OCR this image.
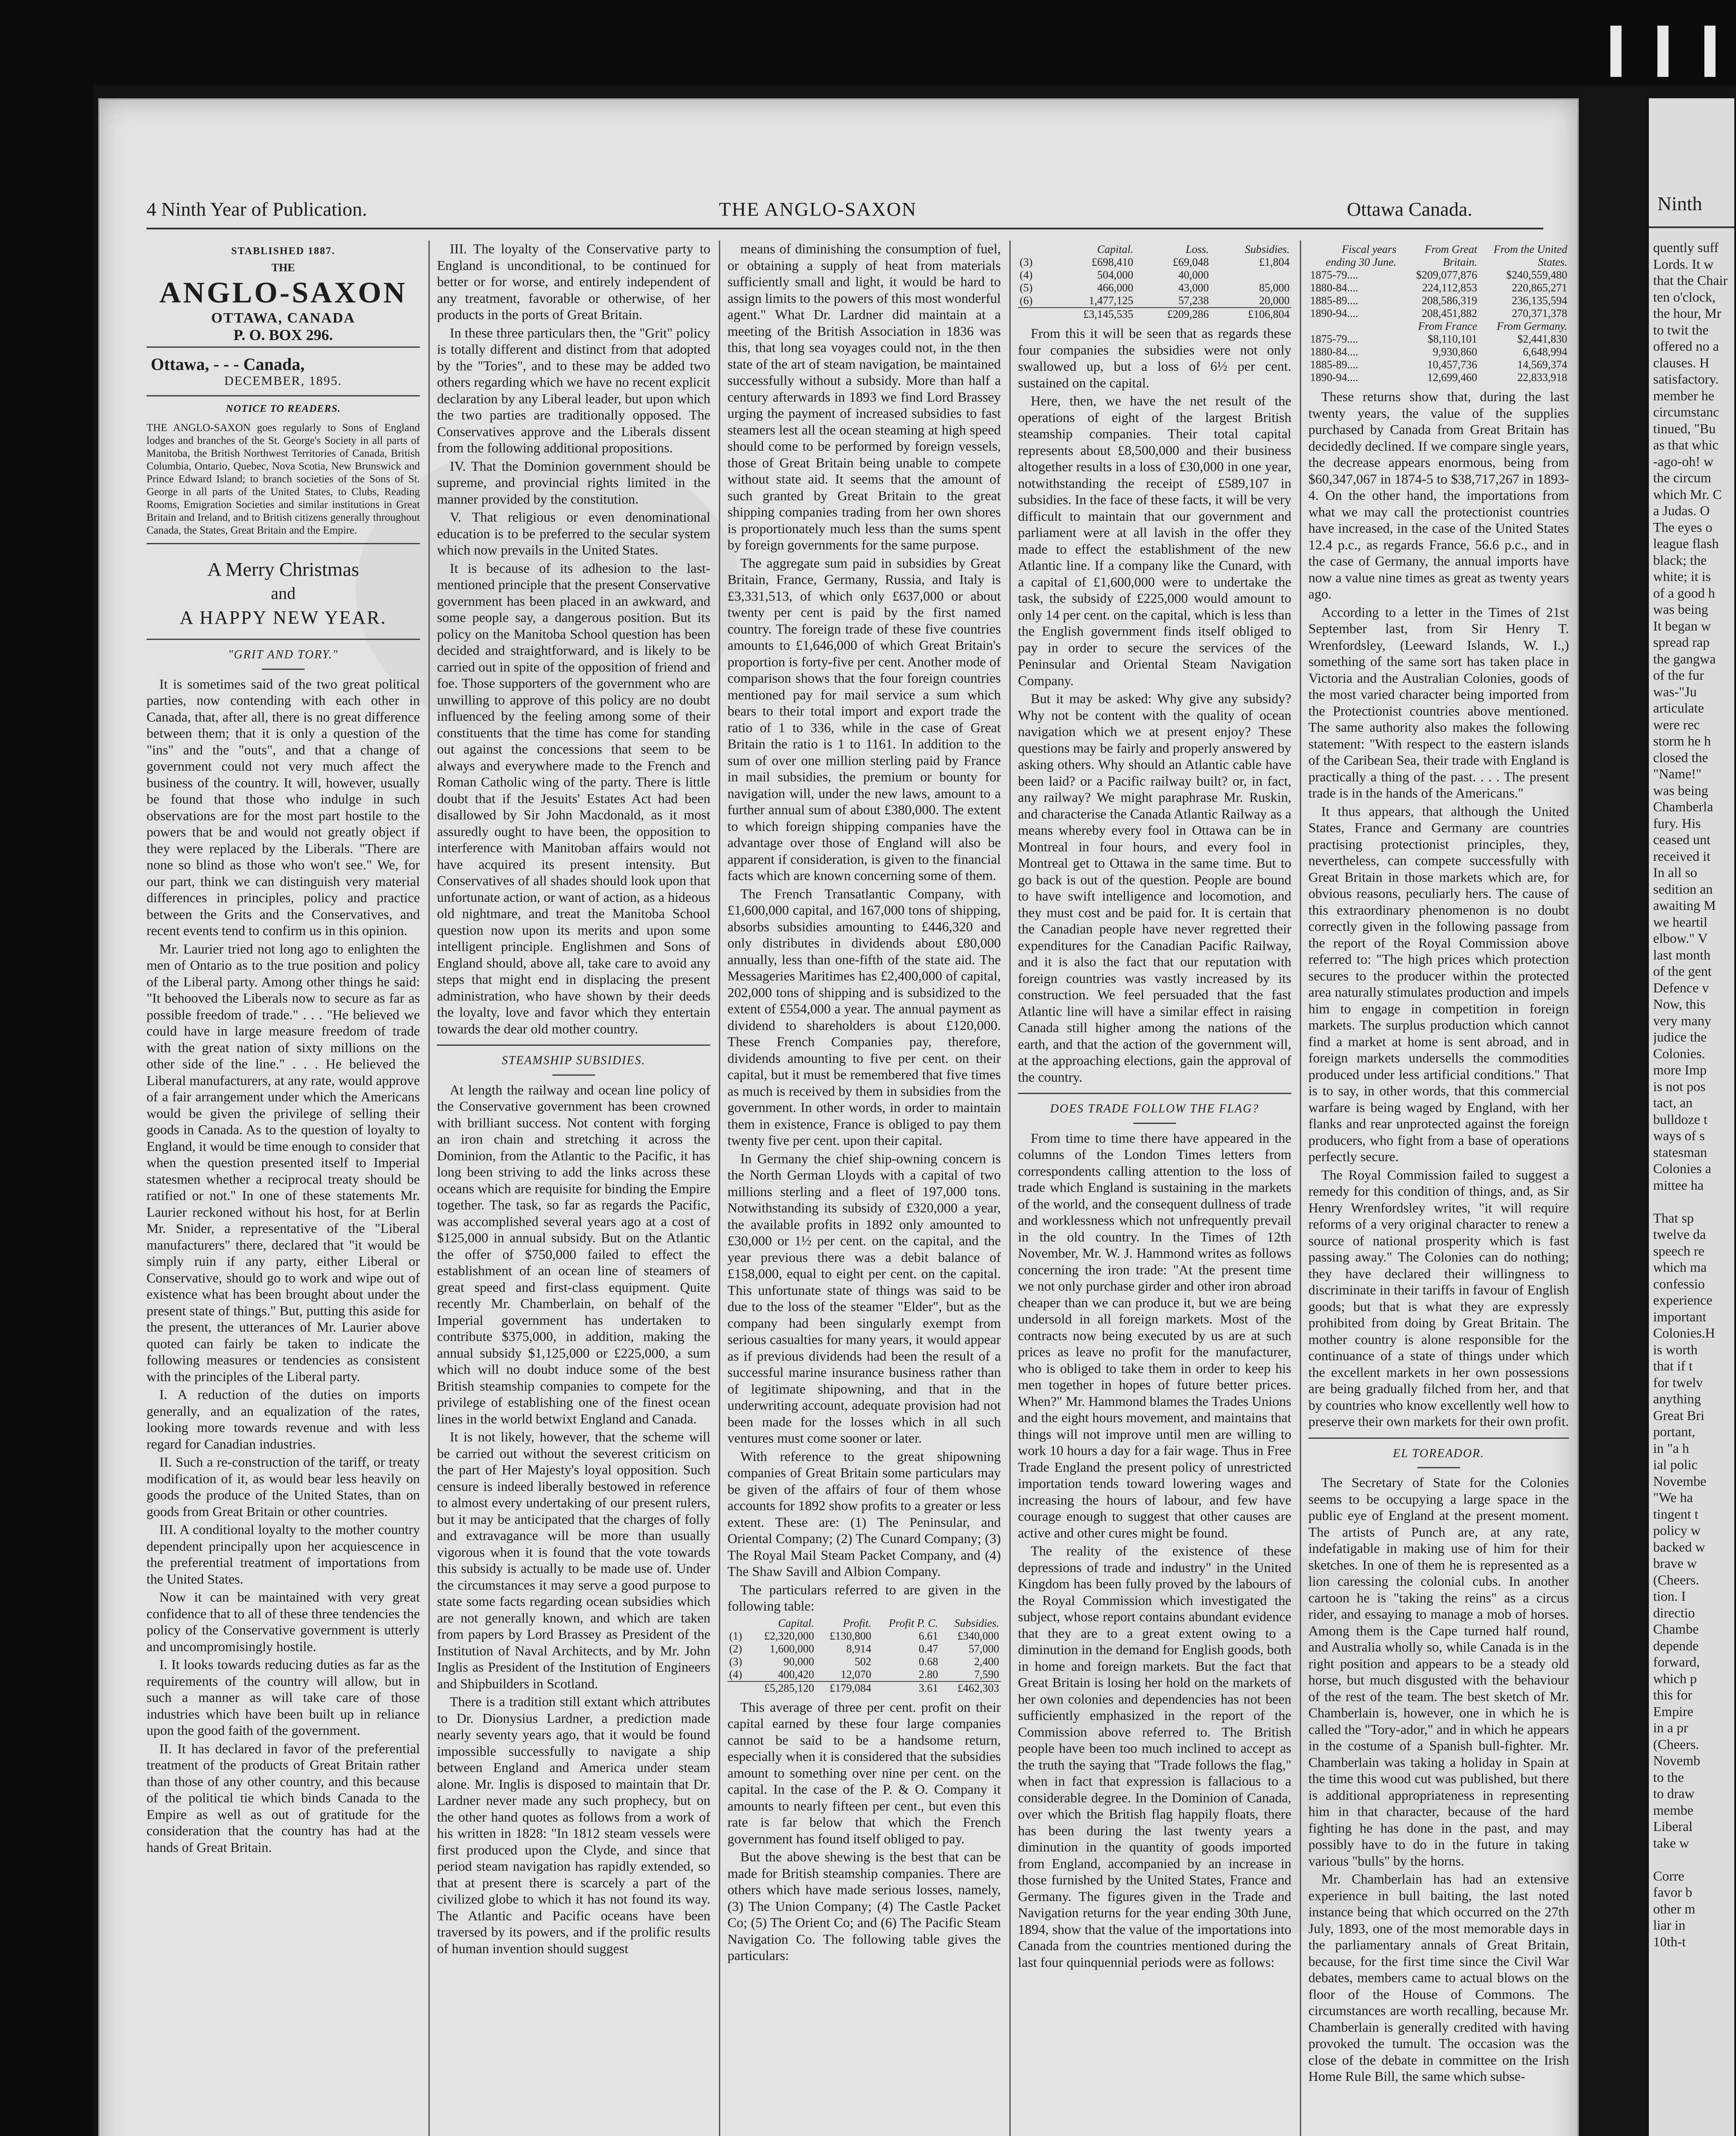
4 Ninth Year of Publication.	THE ANGLO-SAXON	Ottawa Canada.
STABLISHED 1887.
THE
ANGLO-SAXON
OTTAWA, CANADA
P. O. BOX 296.
Ottawa, - - - Canada,
DECEMBER, 1895.
NOTICE TO READERS.
THE ANGLO-SAXON goes regularly to Sons of England lodges and branches of the St. George's Society in all parts of Manitoba, the British Northwest Territories of Canada, British Columbia, Ontario, Quebec, Nova Scotia, New Brunswick and Prince Edward Island; to branch societies of the Sons of St. George in all parts of the United States, to Clubs, Reading Rooms, Emigration Societies and similar institutions in Great Britain and Ireland, and to British citizens generally throughout Canada, the States, Great Britain and the Empire.
A Merry Christmas
and
A HAPPY NEW YEAR.
"GRIT AND TORY."

It is sometimes said of the two great political parties, now contending with each other in Canada, that, after all, there is no great difference between them; that it is only a question of the "ins" and the "outs", and that a change of government could not very much affect the business of the country. It will, however, usually be found that those who indulge in such observations are for the most part hostile to the powers that be and would not greatly object if they were replaced by the Liberals. "There are none so blind as those who won't see." We, for our part, think we can distinguish very material differences in principles, policy and practice between the Grits and the Conservatives, and recent events tend to confirm us in this opinion.

Mr. Laurier tried not long ago to enlighten the men of Ontario as to the true position and policy of the Liberal party. Among other things he said: "It behooved the Liberals now to secure as far as possible freedom of trade." . . . "He believed we could have in large measure freedom of trade with the great nation of sixty millions on the other side of the line." . . . He believed the Liberal manufacturers, at any rate, would approve of a fair arrangement under which the Americans would be given the privilege of selling their goods in Canada. As to the question of loyalty to England, it would be time enough to consider that when the question presented itself to Imperial statesmen whether a reciprocal treaty should be ratified or not." In one of these statements Mr. Laurier reckoned without his host, for at Berlin Mr. Snider, a representative of the "Liberal manufacturers" there, declared that "it would be simply ruin if any party, either Liberal or Conservative, should go to work and wipe out of existence what has been brought about under the present state of things." But, putting this aside for the present, the utterances of Mr. Laurier above quoted can fairly be taken to indicate the following measures or tendencies as consistent with the principles of the Liberal party.

I. A reduction of the duties on imports generally, and an equalization of the rates, looking more towards revenue and with less regard for Canadian industries.

II. Such a re-construction of the tariff, or treaty modification of it, as would bear less heavily on goods the produce of the United States, than on goods from Great Britain or other countries.

III. A conditional loyalty to the mother country dependent principally upon her acquiescence in the preferential treatment of importations from the United States.

Now it can be maintained with very great confidence that to all of these three tendencies the policy of the Conservative government is utterly and uncompromisingly hostile.

I. It looks towards reducing duties as far as the requirements of the country will allow, but in such a manner as will take care of those industries which have been built up in reliance upon the good faith of the government.

II. It has declared in favor of the preferential treatment of the products of Great Britain rather than those of any other country, and this because of the political tie which binds Canada to the Empire as well as out of gratitude for the consideration that the country has had at the hands of Great Britain.

III. The loyalty of the Conservative party to England is unconditional, to be continued for better or for worse, and entirely independent of any treatment, favorable or otherwise, of her products in the ports of Great Britain.

In these three particulars then, the "Grit" policy is totally different and distinct from that adopted by the "Tories", and to these may be added two others regarding which we have no recent explicit declaration by any Liberal leader, but upon which the two parties are traditionally opposed. The Conservatives approve and the Liberals dissent from the following additional propositions.

IV. That the Dominion government should be supreme, and provincial rights limited in the manner provided by the constitution.

V. That religious or even denominational education is to be preferred to the secular system which now prevails in the United States.

It is because of its adhesion to the last-mentioned principle that the present Conservative government has been placed in an awkward, and some people say, a dangerous position. But its policy on the Manitoba School question has been decided and straightforward, and is likely to be carried out in spite of the opposition of friend and foe. Those supporters of the government who are unwilling to approve of this policy are no doubt influenced by the feeling among some of their constituents that the time has come for standing out against the concessions that seem to be always and everywhere made to the French and Roman Catholic wing of the party. There is little doubt that if the Jesuits' Estates Act had been disallowed by Sir John Macdonald, as it most assuredly ought to have been, the opposition to interference with Manitoban affairs would not have acquired its present intensity. But Conservatives of all shades should look upon that unfortunate action, or want of action, as a hideous old nightmare, and treat the Manitoba School question now upon its merits and upon some intelligent principle. Englishmen and Sons of England should, above all, take care to avoid any steps that might end in displacing the present administration, who have shown by their deeds the loyalty, love and favor which they entertain towards the dear old mother country.

STEAMSHIP SUBSIDIES.

At length the railway and ocean line policy of the Conservative government has been crowned with brilliant success. Not content with forging an iron chain and stretching it across the Dominion, from the Atlantic to the Pacific, it has long been striving to add the links across these oceans which are requisite for binding the Empire together. The task, so far as regards the Pacific, was accomplished several years ago at a cost of $125,000 in annual subsidy. But on the Atlantic the offer of $750,000 failed to effect the establishment of an ocean line of steamers of great speed and first-class equipment. Quite recently Mr. Chamberlain, on behalf of the Imperial government has undertaken to contribute $375,000, in addition, making the annual subsidy $1,125,000 or £225,000, a sum which will no doubt induce some of the best British steamship companies to compete for the privilege of establishing one of the finest ocean lines in the world betwixt England and Canada.

It is not likely, however, that the scheme will be carried out without the severest criticism on the part of Her Majesty's loyal opposition. Such censure is indeed liberally bestowed in reference to almost every undertaking of our present rulers, but it may be anticipated that the charges of folly and extravagance will be more than usually vigorous when it is found that the vote towards this subsidy is actually to be made use of. Under the circumstances it may serve a good purpose to state some facts regarding ocean subsidies which are not generally known, and which are taken from papers by Lord Brassey as President of the Institution of Naval Architects, and by Mr. John Inglis as President of the Institution of Engineers and Shipbuilders in Scotland.

There is a tradition still extant which attributes to Dr. Dionysius Lardner, a prediction made nearly seventy years ago, that it would be found impossible successfully to navigate a ship between England and America under steam alone. Mr. Inglis is disposed to maintain that Dr. Lardner never made any such prophecy, but on the other hand quotes as follows from a work of his written in 1828: "In 1812 steam vessels were first produced upon the Clyde, and since that period steam navigation has rapidly extended, so that at present there is scarcely a part of the civilized globe to which it has not found its way. The Atlantic and Pacific oceans have been traversed by its powers, and if the prolific results of human invention should suggest

means of diminishing the consumption of fuel, or obtaining a supply of heat from materials sufficiently small and light, it would be hard to assign limits to the powers of this most wonderful agent." What Dr. Lardner did maintain at a meeting of the British Association in 1836 was this, that long sea voyages could not, in the then state of the art of steam navigation, be maintained successfully without a subsidy. More than half a century afterwards in 1893 we find Lord Brassey urging the payment of increased subsidies to fast steamers lest all the ocean steaming at high speed should come to be performed by foreign vessels, those of Great Britain being unable to compete without state aid. It seems that the amount of such granted by Great Britain to the great shipping companies trading from her own shores is proportionately much less than the sums spent by foreign governments for the same purpose.

The aggregate sum paid in subsidies by Great Britain, France, Germany, Russia, and Italy is £3,331,513, of which only £637,000 or about twenty per cent is paid by the first named country. The foreign trade of these five countries amounts to £1,646,000 of which Great Britain's proportion is forty-five per cent. Another mode of comparison shows that the four foreign countries mentioned pay for mail service a sum which bears to their total import and export trade the ratio of 1 to 336, while in the case of Great Britain the ratio is 1 to 1161. In addition to the sum of over one million sterling paid by France in mail subsidies, the premium or bounty for navigation will, under the new laws, amount to a further annual sum of about £380,000. The extent to which foreign shipping companies have the advantage over those of England will also be apparent if consideration, is given to the financial facts which are known concerning some of them.

The French Transatlantic Company, with £1,600,000 capital, and 167,000 tons of shipping, absorbs subsidies amounting to £446,320 and only distributes in dividends about £80,000 annually, less than one-fifth of the state aid. The Messageries Maritimes has £2,400,000 of capital, 202,000 tons of shipping and is subsidized to the extent of £554,000 a year. The annual payment as dividend to shareholders is about £120,000. These French Companies pay, therefore, dividends amounting to five per cent. on their capital, but it must be remembered that five times as much is received by them in subsidies from the government. In other words, in order to maintain them in existence, France is obliged to pay them twenty five per cent. upon their capital.

In Germany the chief ship-owning concern is the North German Lloyds with a capital of two millions sterling and a fleet of 197,000 tons. Notwithstanding its subsidy of £320,000 a year, the available profits in 1892 only amounted to £30,000 or 1½ per cent. on the capital, and the year previous there was a debit balance of £158,000, equal to eight per cent. on the capital. This unfortunate state of things was said to be due to the loss of the steamer "Elder", but as the company had been singularly exempt from serious casualties for many years, it would appear as if previous dividends had been the result of a successful marine insurance business rather than of legitimate shipowning, and that in the underwriting account, adequate provision had not been made for the losses which in all such ventures must come sooner or later.

With reference to the great shipowning companies of Great Britain some particulars may be given of the affairs of four of them whose accounts for 1892 show profits to a greater or less extent. These are: (1) The Peninsular, and Oriental Company; (2) The Cunard Company; (3) The Royal Mail Steam Packet Company, and (4) The Shaw Savill and Albion Company.

The particulars referred to are given in the following table:

	Capital.	Profit.	Profit P. C.	Subsidies.
(1)	£2,320,000	£130,800	6.61	£340,000
(2)	1,600,000	8,914	0.47	57,000
(3)	90,000	502	0.68	2,400
(4)	400,420	12,070	2.80	7,590
	£5,285,120	£179,084	3.61	£462,303

This average of three per cent. profit on their capital earned by these four large companies cannot be said to be a handsome return, especially when it is considered that the subsidies amount to something over nine per cent. on the capital. In the case of the P. & O. Company it amounts to nearly fifteen per cent., but even this rate is far below that which the French government has found itself obliged to pay.

But the above shewing is the best that can be made for British steamship companies. There are others which have made serious losses, namely, (3) The Union Company; (4) The Castle Packet Co; (5) The Orient Co; and (6) The Pacific Steam Navigation Co. The following table gives the particulars:

	Capital.	Loss.	Subsidies.
(3)	£698,410	£69,048	£1,804
(4)	504,000	40,000	
(5)	466,000	43,000	85,000
(6)	1,477,125	57,238	20,000
	£3,145,535	£209,286	£106,804

From this it will be seen that as regards these four companies the subsidies were not only swallowed up, but a loss of 6½ per cent. sustained on the capital.

Here, then, we have the net result of the operations of eight of the largest British steamship companies. Their total capital represents about £8,500,000 and their business altogether results in a loss of £30,000 in one year, notwithstanding the receipt of £589,107 in subsidies. In the face of these facts, it will be very difficult to maintain that our government and parliament were at all lavish in the offer they made to effect the establishment of the new Atlantic line. If a company like the Cunard, with a capital of £1,600,000 were to undertake the task, the subsidy of £225,000 would amount to only 14 per cent. on the capital, which is less than the English government finds itself obliged to pay in order to secure the services of the Peninsular and Oriental Steam Navigation Company.

But it may be asked: Why give any subsidy? Why not be content with the quality of ocean navigation which we at present enjoy? These questions may be fairly and properly answered by asking others. Why should an Atlantic cable have been laid? or a Pacific railway built? or, in fact, any railway? We might paraphrase Mr. Ruskin, and characterise the Canada Atlantic Railway as a means whereby every fool in Ottawa can be in Montreal in four hours, and every fool in Montreal get to Ottawa in the same time. But to go back is out of the question. People are bound to have swift intelligence and locomotion, and they must cost and be paid for. It is certain that the Canadian people have never regretted their expenditures for the Canadian Pacific Railway, and it is also the fact that our reputation with foreign countries was vastly increased by its construction. We feel persuaded that the fast Atlantic line will have a similar effect in raising Canada still higher among the nations of the earth, and that the action of the government will, at the approaching elections, gain the approval of the country.

DOES TRADE FOLLOW THE FLAG?

From time to time there have appeared in the columns of the London Times letters from correspondents calling attention to the loss of trade which England is sustaining in the markets of the world, and the consequent dullness of trade and worklessness which not unfrequently prevail in the old country. In the Times of 12th November, Mr. W. J. Hammond writes as follows concerning the iron trade: "At the present time we not only purchase girder and other iron abroad cheaper than we can produce it, but we are being undersold in all foreign markets. Most of the contracts now being executed by us are at such prices as leave no profit for the manufacturer, who is obliged to take them in order to keep his men together in hopes of future better prices. When?" Mr. Hammond blames the Trades Unions and the eight hours movement, and maintains that things will not improve until men are willing to work 10 hours a day for a fair wage. Thus in Free Trade England the present policy of unrestricted importation tends toward lowering wages and increasing the hours of labour, and few have courage enough to suggest that other causes are active and other cures might be found.

The reality of the existence of these depressions of trade and industry" in the United Kingdom has been fully proved by the labours of the Royal Commission which investigated the subject, whose report contains abundant evidence that they are to a great extent owing to a diminution in the demand for English goods, both in home and foreign markets. But the fact that Great Britain is losing her hold on the markets of her own colonies and dependencies has not been sufficiently emphasized in the report of the Commission above referred to. The British people have been too much inclined to accept as the truth the saying that "Trade follows the flag," when in fact that expression is fallacious to a considerable degree. In the Dominion of Canada, over which the British flag happily floats, there has been during the last twenty years a diminution in the quantity of goods imported from England, accompanied by an increase in those furnished by the United States, France and Germany. The figures given in the Trade and Navigation returns for the year ending 30th June, 1894, show that the value of the importations into Canada from the countries mentioned during the last four quinquennial periods were as follows:

Fiscal years ending 30 June.	From Great Britain.	From the United States.
1875-79....	$209,077,876	$240,559,480
1880-84....	224,112,853	220,865,271
1885-89....	208,586,319	236,135,594
1890-94....	208,451,882	270,371,378
	From France	From Germany.
1875-79....	$8,110,101	$2,441,830
1880-84....	9,930,860	6,648,994
1885-89....	10,457,736	14,569,374
1890-94....	12,699,460	22,833,918

These returns show that, during the last twenty years, the value of the supplies purchased by Canada from Great Britain has decidedly declined. If we compare single years, the decrease appears enormous, being from $60,347,067 in 1874-5 to $38,717,267 in 1893-4. On the other hand, the importations from what we may call the protectionist countries have increased, in the case of the United States 12.4 p.c., as regards France, 56.6 p.c., and in the case of Germany, the annual imports have now a value nine times as great as twenty years ago.

According to a letter in the Times of 21st September last, from Sir Henry T. Wrenfordsley, (Leeward Islands, W. I.,) something of the same sort has taken place in Victoria and the Australian Colonies, goods of the most varied character being imported from the Protectionist countries above mentioned. The same authority also makes the following statement: "With respect to the eastern islands of the Caribean Sea, their trade with England is practically a thing of the past. . . . The present trade is in the hands of the Americans."

It thus appears, that although the United States, France and Germany are countries practising protectionist principles, they, nevertheless, can compete successfully with Great Britain in those markets which are, for obvious reasons, peculiarly hers. The cause of this extraordinary phenomenon is no doubt correctly given in the following passage from the report of the Royal Commission above referred to: "The high prices which protection secures to the producer within the protected area naturally stimulates production and impels him to engage in competition in foreign markets. The surplus production which cannot find a market at home is sent abroad, and in foreign markets undersells the commodities produced under less artificial conditions." That is to say, in other words, that this commercial warfare is being waged by England, with her flanks and rear unprotected against the foreign producers, who fight from a base of operations perfectly secure.

The Royal Commission failed to suggest a remedy for this condition of things, and, as Sir Henry Wrenfordsley writes, "it will require reforms of a very original character to renew a source of national prosperity which is fast passing away." The Colonies can do nothing; they have declared their willingness to discriminate in their tariffs in favour of English goods; but that is what they are expressly prohibited from doing by Great Britain. The mother country is alone responsible for the continuance of a state of things under which the excellent markets in her own possessions are being gradually filched from her, and that by countries who know excellently well how to preserve their own markets for their own profit.

EL TOREADOR.

The Secretary of State for the Colonies seems to be occupying a large space in the public eye of England at the present moment. The artists of Punch are, at any rate, indefatigable in making use of him for their sketches. In one of them he is represented as a lion caressing the colonial cubs. In another cartoon he is "taking the reins" as a circus rider, and essaying to manage a mob of horses. Among them is the Cape turned half round, and Australia wholly so, while Canada is in the right position and appears to be a steady old horse, but much disgusted with the behaviour of the rest of the team. The best sketch of Mr. Chamberlain is, however, one in which he is called the "Tory-ador," and in which he appears in the costume of a Spanish bull-fighter. Mr. Chamberlain was taking a holiday in Spain at the time this wood cut was published, but there is additional appropriateness in representing him in that character, because of the hard fighting he has done in the past, and may possibly have to do in the future in taking various "bulls" by the horns.

Mr. Chamberlain has had an extensive experience in bull baiting, the last noted instance being that which occurred on the 27th July, 1893, one of the most memorable days in the parliamentary annals of Great Britain, because, for the first time since the Civil War debates, members came to actual blows on the floor of the House of Commons. The circumstances are worth recalling, because Mr. Chamberlain is generally credited with having provoked the tumult. The occasion was the close of the debate in committee on the Irish Home Rule Bill, the same which subse-

Ninth
quently suff
Lords. It w
that the Chair
ten o'clock,
the hour, Mr
to twit the
offered no a
clauses. H
satisfactory.
member he
circumstanc
tinued, "Bu
as that whic
-ago-oh! w
the circum
which Mr. C
a Judas. O
The eyes o
league flash
black; the
white; it is
of a good h
was being
It began w
spread rap
the gangwa
of the fur
was-"Ju
articulate
were rec
storm he h
closed the
"Name!"
was being
Chamberla
fury. His
ceased unt
received it
In all so
sedition an
awaiting M
we heartil
elbow." V
last month
of the gent
Defence v
Now, this
very many
judice the
Colonies.
more Imp
is not pos
tact, an
bulldoze t
ways of s
statesman
Colonies a
mittee ha

That sp
twelve da
speech re
which ma
confessio
experience
important
Colonies.H
is worth
that if t
for twelv
anything
Great Bri
portant,
in "a h
ial polic
Novembe
"We ha
tingent t
policy w
backed w
brave w
(Cheers.
tion. I
directio
Chambe
depende
forward,
which p
this for
Empire
in a pr
(Cheers.
Novemb
to the
to draw
membe
Liberal
take w

Corre
favor b
other m
liar in
10th-t
